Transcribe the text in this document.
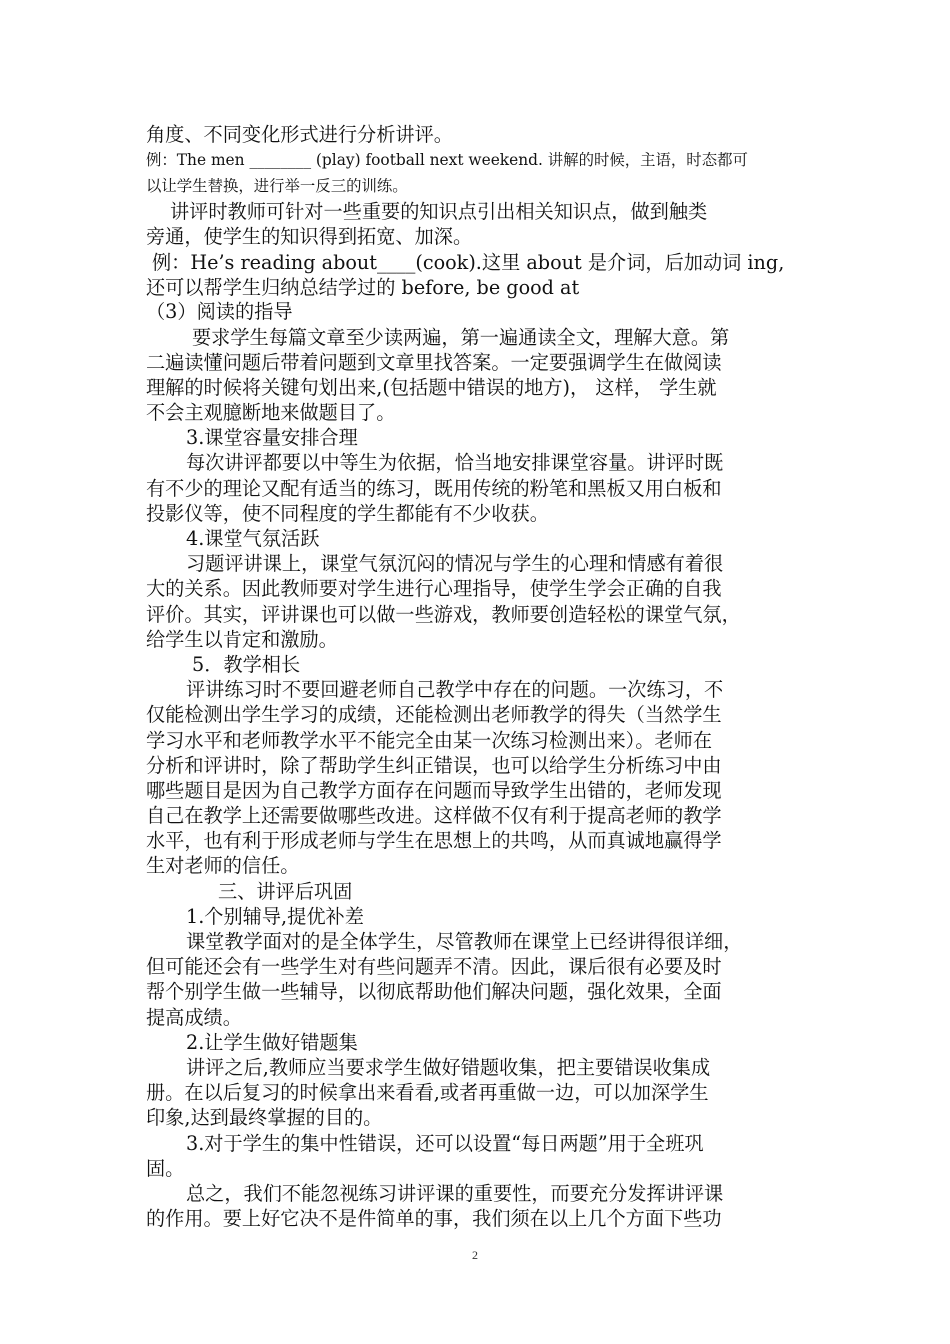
角度、不同变化形式进行分析讲评。

例：The men ________ (play) football next weekend. 讲解的时候，主语，时态都可

以让学生替换，进行举一反三的训练。

讲评时教师可针对一些重要的知识点引出相关知识点，做到触类

旁通，使学生的知识得到拓宽、加深。

例：He’s reading about____(cook).这里 about 是介词，后加动词 ing,

还可以帮学生归纳总结学过的 before, be good at

（3）阅读的指导

要求学生每篇文章至少读两遍，第一遍通读全文，理解大意。第

二遍读懂问题后带着问题到文章里找答案。一定要强调学生在做阅读

理解的时候将关键句划出来,(包括题中错误的地方)， 这样， 学生就

不会主观臆断地来做题目了。

3.课堂容量安排合理

每次讲评都要以中等生为依据，恰当地安排课堂容量。讲评时既

有不少的理论又配有适当的练习，既用传统的粉笔和黑板又用白板和

投影仪等，使不同程度的学生都能有不少收获。

4.课堂气氛活跃

习题评讲课上，课堂气氛沉闷的情况与学生的心理和情感有着很

大的关系。因此教师要对学生进行心理指导，使学生学会正确的自我

评价。其实，评讲课也可以做一些游戏，教师要创造轻松的课堂气氛，

给学生以肯定和激励。

5．教学相长

评讲练习时不要回避老师自己教学中存在的问题。一次练习，不

仅能检测出学生学习的成绩，还能检测出老师教学的得失（当然学生

学习水平和老师教学水平不能完全由某一次练习检测出来）。老师在

分析和评讲时，除了帮助学生纠正错误，也可以给学生分析练习中由

哪些题目是因为自己教学方面存在问题而导致学生出错的，老师发现

自己在教学上还需要做哪些改进。这样做不仅有利于提高老师的教学

水平，也有利于形成老师与学生在思想上的共鸣，从而真诚地赢得学

生对老师的信任。

三、讲评后巩固

1.个别辅导,提优补差

课堂教学面对的是全体学生，尽管教师在课堂上已经讲得很详细，

但可能还会有一些学生对有些问题弄不清。因此，课后很有必要及时

帮个别学生做一些辅导，以彻底帮助他们解决问题，强化效果，全面

提高成绩。

2.让学生做好错题集

讲评之后,教师应当要求学生做好错题收集，把主要错误收集成

册。在以后复习的时候拿出来看看,或者再重做一边，可以加深学生

印象,达到最终掌握的目的。

3.对于学生的集中性错误，还可以设置“每日两题”用于全班巩

固。

总之，我们不能忽视练习讲评课的重要性，而要充分发挥讲评课

的作用。要上好它决不是件简单的事，我们须在以上几个方面下些功

2
